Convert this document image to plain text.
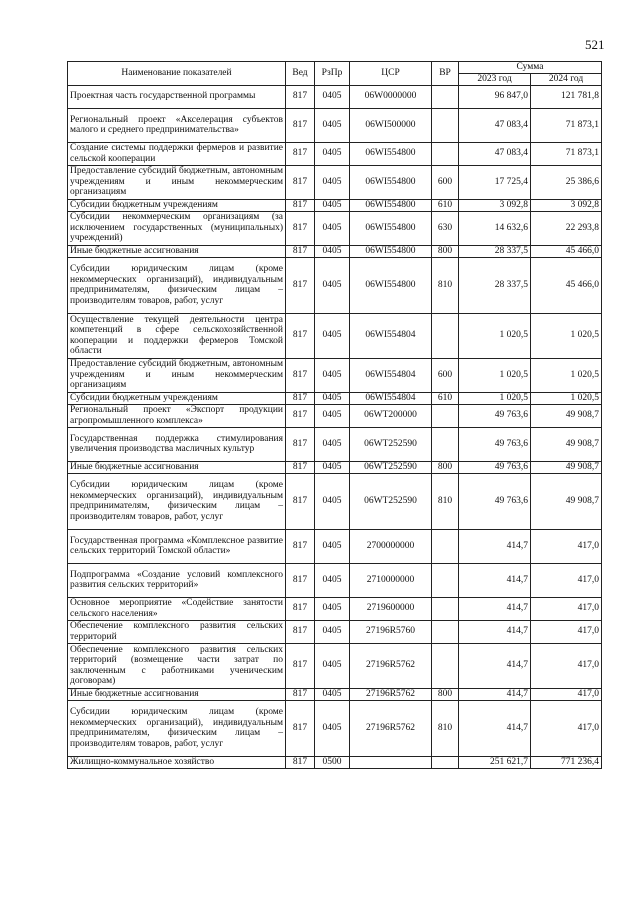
521
Наименование показателей	Вед	РзПр	ЦСР	ВР	Сумма	
					2023 год	2024 год
Проектная часть государственной программы	817	0405	06W0000000		96 847,0	121 781,8
Региональный проект «Акселерация субъектов малого и среднего предпринимательства»	817	0405	06WI500000		47 083,4	71 873,1
Создание системы поддержки фермеров и развитие сельской кооперации	817	0405	06WI554800		47 083,4	71 873,1
Предоставление субсидий бюджетным, автономным учреждениям и иным некоммерческим организациям	817	0405	06WI554800	600	17 725,4	25 386,6
Субсидии бюджетным учреждениям	817	0405	06WI554800	610	3 092,8	3 092,8
Субсидии некоммерческим организациям (за исключением государственных (муниципальных) учреждений)	817	0405	06WI554800	630	14 632,6	22 293,8
Иные бюджетные ассигнования	817	0405	06WI554800	800	28 337,5	45 466,0
Субсидии юридическим лицам (кроме некоммерческих организаций), индивидуальным предпринимателям, физическим лицам – производителям товаров, работ, услуг	817	0405	06WI554800	810	28 337,5	45 466,0
Осуществление текущей деятельности центра компетенций в сфере сельскохозяйственной кооперации и поддержки фермеров Томской области	817	0405	06WI554804		1 020,5	1 020,5
Предоставление субсидий бюджетным, автономным учреждениям и иным некоммерческим организациям	817	0405	06WI554804	600	1 020,5	1 020,5
Субсидии бюджетным учреждениям	817	0405	06WI554804	610	1 020,5	1 020,5
Региональный проект «Экспорт продукции агропромышленного комплекса»	817	0405	06WT200000		49 763,6	49 908,7
Государственная поддержка стимулирования увеличения производства масличных культур	817	0405	06WT252590		49 763,6	49 908,7
Иные бюджетные ассигнования	817	0405	06WT252590	800	49 763,6	49 908,7
Субсидии юридическим лицам (кроме некоммерческих организаций), индивидуальным предпринимателям, физическим лицам – производителям товаров, работ, услуг	817	0405	06WT252590	810	49 763,6	49 908,7
Государственная программа «Комплексное развитие сельских территорий Томской области»	817	0405	2700000000		414,7	417,0
Подпрограмма «Создание условий комплексного развития сельских территорий»	817	0405	2710000000		414,7	417,0
Основное мероприятие «Содействие занятости сельского населения»	817	0405	2719600000		414,7	417,0
Обеспечение комплексного развития сельских территорий	817	0405	27196R5760		414,7	417,0
Обеспечение комплексного развития сельских территорий (возмещение части затрат по заключенным с работниками ученическим договорам)	817	0405	27196R5762		414,7	417,0
Иные бюджетные ассигнования	817	0405	27196R5762	800	414,7	417,0
Субсидии юридическим лицам (кроме некоммерческих организаций), индивидуальным предпринимателям, физическим лицам – производителям товаров, работ, услуг	817	0405	27196R5762	810	414,7	417,0
Жилищно-коммунальное хозяйство	817	0500			251 621,7	771 236,4
